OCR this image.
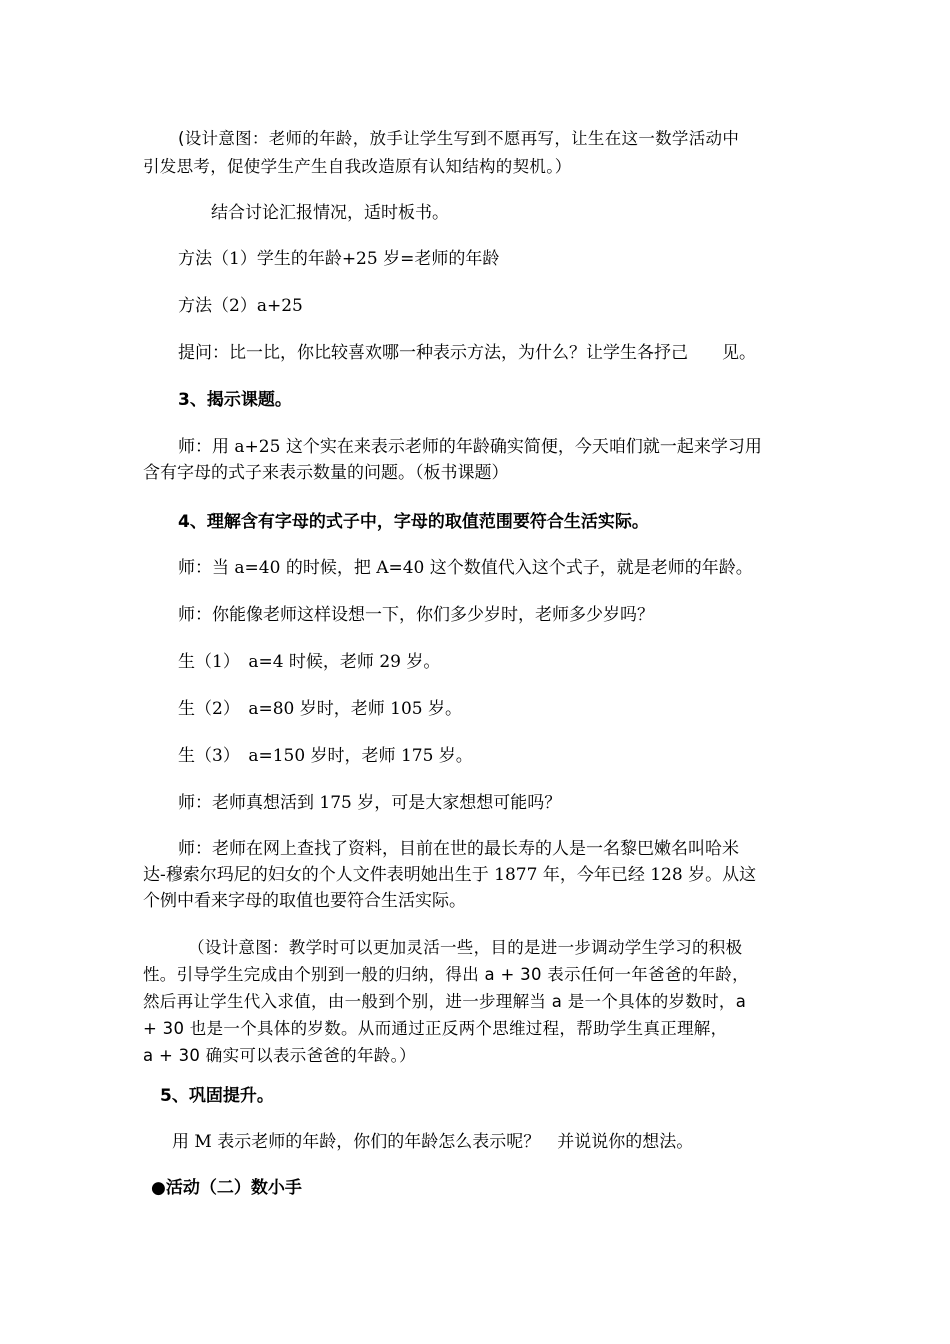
(设计意图：老师的年龄，放手让学生写到不愿再写，让生在这一数学活动中
引发思考，促使学生产生自我改造原有认知结构的契机。）
结合讨论汇报情况，适时板书。
方法（1）学生的年龄+25 岁=老师的年龄
方法（2）a+25
提问：比一比，你比较喜欢哪一种表示方法，为什么？让学生各抒己　　见。
3、揭示课题。
师：用 a+25 这个实在来表示老师的年龄确实简便，今天咱们就一起来学习用
含有字母的式子来表示数量的问题。（板书课题）
4、理解含有字母的式子中，字母的取值范围要符合生活实际。
师：当 a=40 的时候，把 A=40 这个数值代入这个式子，就是老师的年龄。
师：你能像老师这样设想一下，你们多少岁时，老师多少岁吗？
生（1）　a=4 时候，老师 29 岁。
生（2）　a=80 岁时，老师 105 岁。
生（3）　a=150 岁时，老师 175 岁。
师：老师真想活到 175 岁，可是大家想想可能吗？
师：老师在网上查找了资料，目前在世的最长寿的人是一名黎巴嫩名叫哈米
达-穆索尔玛尼的妇女的个人文件表明她出生于 1877 年，今年已经 128 岁。从这
个例中看来字母的取值也要符合生活实际。
（设计意图：教学时可以更加灵活一些，目的是进一步调动学生学习的积极
性。引导学生完成由个别到一般的归纳，得出 a + 30 表示任何一年爸爸的年龄，
然后再让学生代入求值，由一般到个别，进一步理解当 a 是一个具体的岁数时，a
+ 30 也是一个具体的岁数。从而通过正反两个思维过程，帮助学生真正理解，
a + 30 确实可以表示爸爸的年龄。）
5、巩固提升。
用 M 表示老师的年龄，你们的年龄怎么表示呢？　并说说你的想法。
●活动（二）数小手
